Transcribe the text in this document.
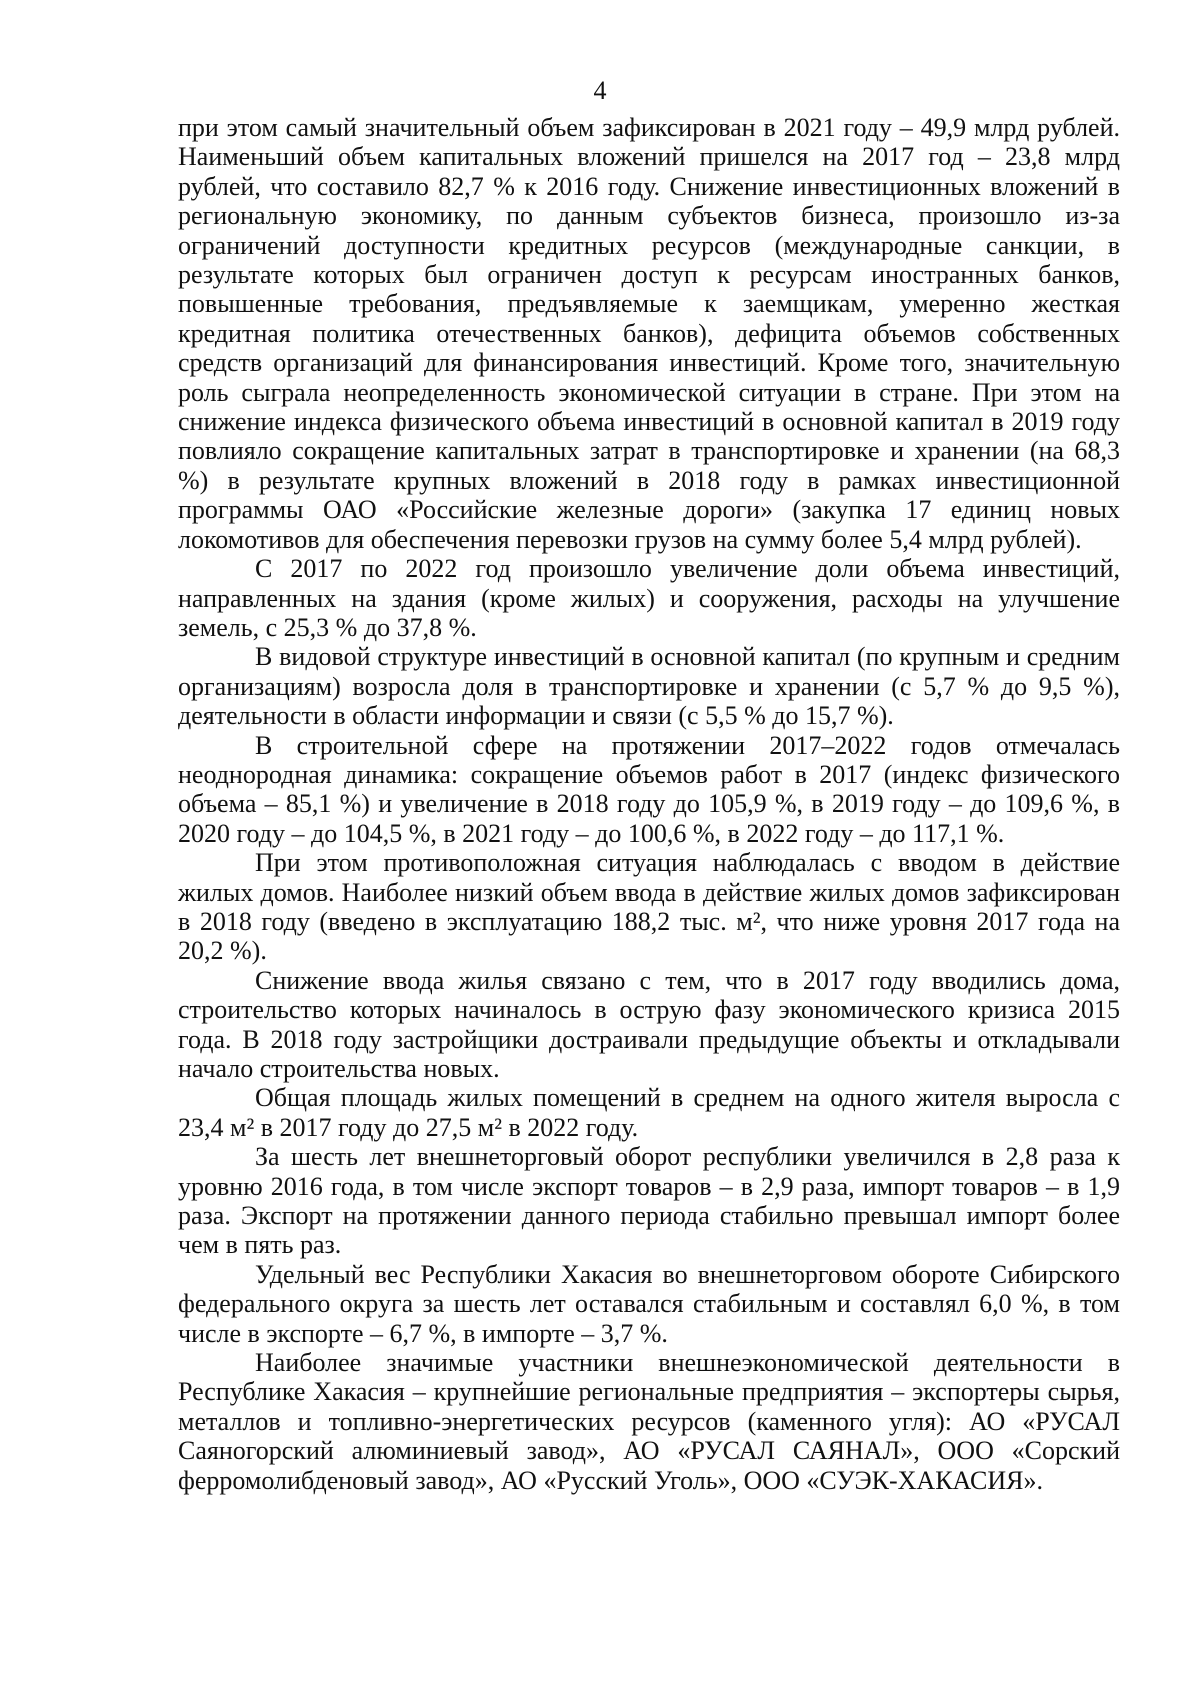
4

при этом самый значительный объем зафиксирован в 2021 году – 49,9 млрд рублей. Наименьший объем капитальных вложений пришелся на 2017 год – 23,8 млрд рублей, что составило 82,7 % к 2016 году. Снижение инвестиционных вложений в региональную экономику, по данным субъектов бизнеса, произошло из-за ограничений доступности кредитных ресурсов (международные санкции, в результате которых был ограничен доступ к ресурсам иностранных банков, повышенные требования, предъявляемые к заемщикам, умеренно жесткая кредитная политика отечественных банков), дефицита объемов собственных средств организаций для финансирования инвестиций. Кроме того, значительную роль сыграла неопределенность экономической ситуации в стране. При этом на снижение индекса физического объема инвестиций в основной капитал в 2019 году повлияло сокращение капитальных затрат в транспортировке и хранении (на 68,3 %) в результате крупных вложений в 2018 году в рамках инвестиционной программы ОАО «Российские железные дороги» (закупка 17 единиц новых локомотивов для обеспечения перевозки грузов на сумму более 5,4 млрд рублей).

С 2017 по 2022 год произошло увеличение доли объема инвестиций, направленных на здания (кроме жилых) и сооружения, расходы на улучшение земель, с 25,3 % до 37,8 %.

В видовой структуре инвестиций в основной капитал (по крупным и средним организациям) возросла доля в транспортировке и хранении (с 5,7 % до 9,5 %), деятельности в области информации и связи (с 5,5 % до 15,7 %).

В строительной сфере на протяжении 2017–2022 годов отмечалась неоднородная динамика: сокращение объемов работ в 2017 (индекс физического объема – 85,1 %) и увеличение в 2018 году до 105,9 %, в 2019 году – до 109,6 %, в 2020 году – до 104,5 %, в 2021 году – до 100,6 %, в 2022 году – до 117,1 %.

При этом противоположная ситуация наблюдалась с вводом в действие жилых домов. Наиболее низкий объем ввода в действие жилых домов зафиксирован в 2018 году (введено в эксплуатацию 188,2 тыс. м², что ниже уровня 2017 года на 20,2 %).

Снижение ввода жилья связано с тем, что в 2017 году вводились дома, строительство которых начиналось в острую фазу экономического кризиса 2015 года. В 2018 году застройщики достраивали предыдущие объекты и откладывали начало строительства новых.

Общая площадь жилых помещений в среднем на одного жителя выросла с 23,4 м² в 2017 году до 27,5 м² в 2022 году.

За шесть лет внешнеторговый оборот республики увеличился в 2,8 раза к уровню 2016 года, в том числе экспорт товаров – в 2,9 раза, импорт товаров – в 1,9 раза. Экспорт на протяжении данного периода стабильно превышал импорт более чем в пять раз.

Удельный вес Республики Хакасия во внешнеторговом обороте Сибирского федерального округа за шесть лет оставался стабильным и составлял 6,0 %, в том числе в экспорте – 6,7 %, в импорте – 3,7 %.

Наиболее значимые участники внешнеэкономической деятельности в Республике Хакасия – крупнейшие региональные предприятия – экспортеры сырья, металлов и топливно-энергетических ресурсов (каменного угля): АО «РУСАЛ Саяногорский алюминиевый завод», АО «РУСАЛ САЯНАЛ», ООО «Сорский ферромолибденовый завод», АО «Русский Уголь», ООО «СУЭК-ХАКАСИЯ».
